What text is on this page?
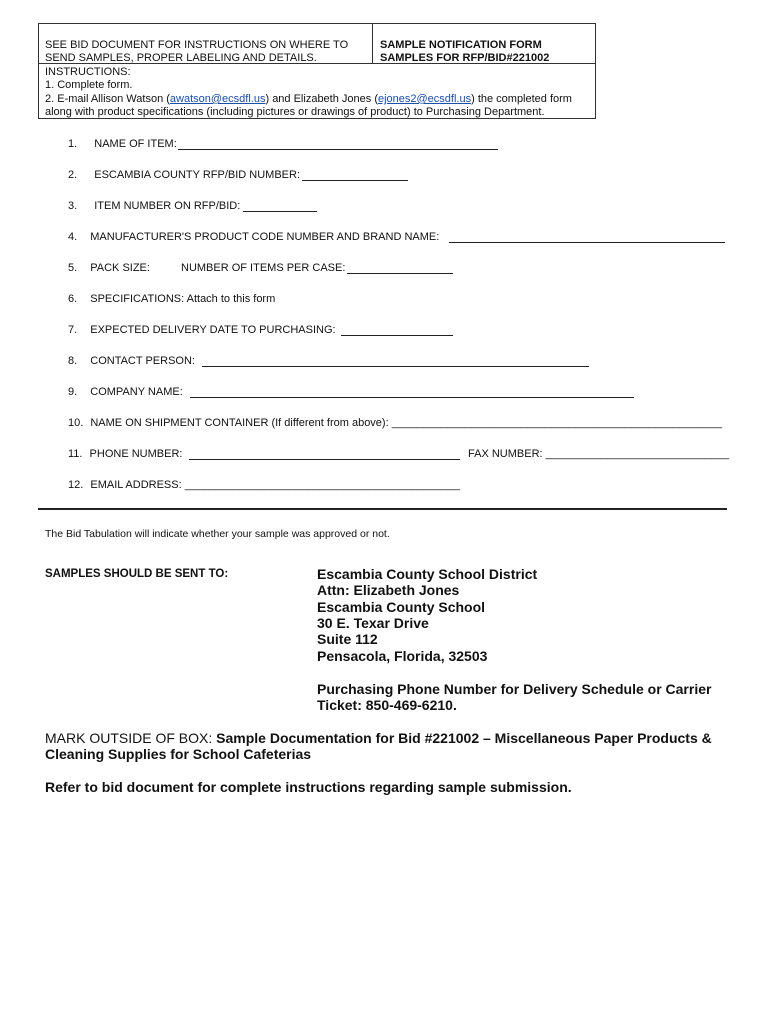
SEE BID DOCUMENT FOR INSTRUCTIONS ON WHERE TO
SEND SAMPLES, PROPER LABELING AND DETAILS.
SAMPLE NOTIFICATION FORM
SAMPLES FOR RFP/BID#221002
INSTRUCTIONS:
1. Complete form.
2. E-mail Allison Watson (awatson@ecsdfl.us) and Elizabeth Jones (ejones2@ecsdfl.us) the completed form
along with product specifications (including pictures or drawings of product) to Purchasing Department.
1. NAME OF ITEM:
2. ESCAMBIA COUNTY RFP/BID NUMBER:
3. ITEM NUMBER ON RFP/BID:
4. MANUFACTURER'S PRODUCT CODE NUMBER AND BRAND NAME:
5. PACK SIZE:	NUMBER OF ITEMS PER CASE:
6. SPECIFICATIONS: Attach to this form
7. EXPECTED DELIVERY DATE TO PURCHASING:
8. CONTACT PERSON:
9. COMPANY NAME:
10. NAME ON SHIPMENT CONTAINER (If different from above): ______________________________________________________
11. PHONE NUMBER:	FAX NUMBER: ______________________________
12. EMAIL ADDRESS: _____________________________________________
The Bid Tabulation will indicate whether your sample was approved or not.
SAMPLES SHOULD BE SENT TO:	Escambia County School District
Attn: Elizabeth Jones
Escambia County School
30 E. Texar Drive
Suite 112
Pensacola, Florida, 32503
Purchasing Phone Number for Delivery Schedule or Carrier
Ticket: 850-469-6210.
MARK OUTSIDE OF BOX: Sample Documentation for Bid #221002 – Miscellaneous Paper Products &
Cleaning Supplies for School Cafeterias
Refer to bid document for complete instructions regarding sample submission.
